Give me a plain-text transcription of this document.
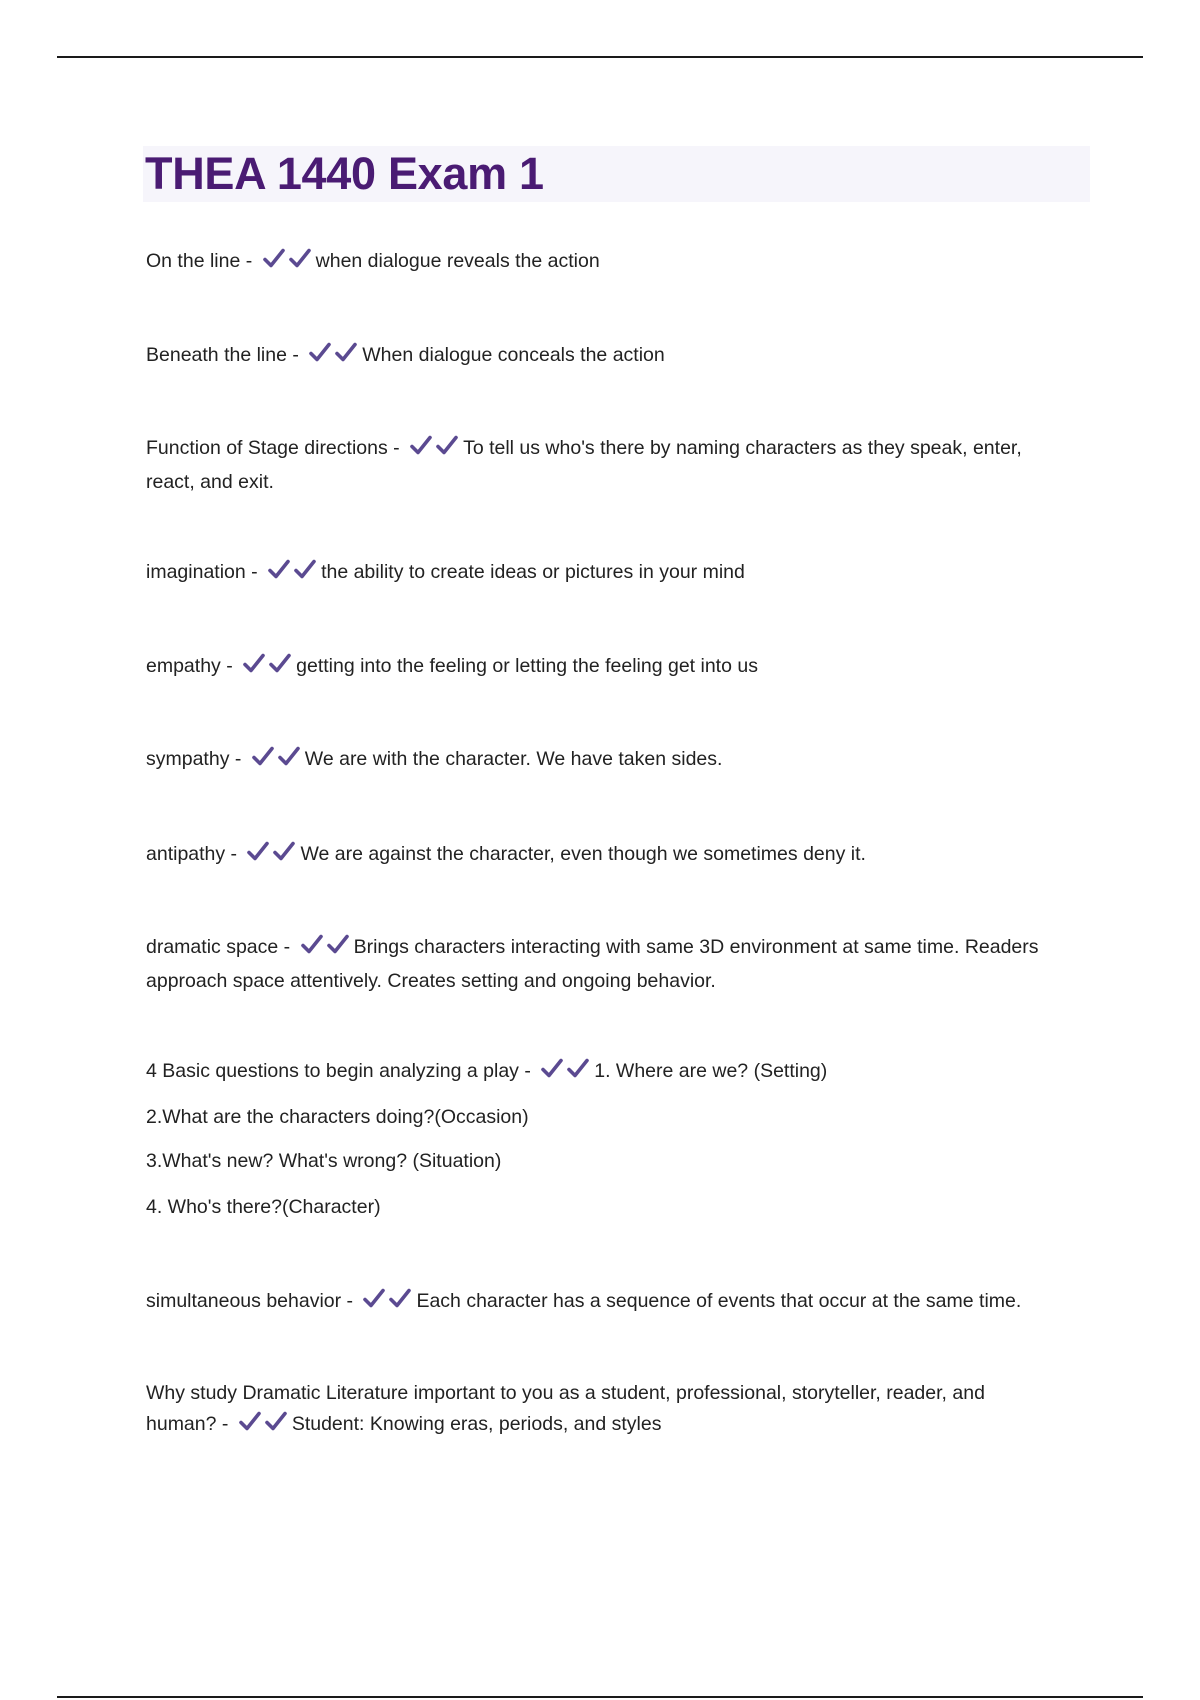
THEA 1440 Exam 1
On the line -	when dialogue reveals the action
Beneath the line -	When dialogue conceals the action
Function of Stage directions -	To tell us who's there by naming characters as they speak, enter,
react, and exit.
imagination -	the ability to create ideas or pictures in your mind
empathy -	getting into the feeling or letting the feeling get into us
sympathy -	We are with the character. We have taken sides.
antipathy -	We are against the character, even though we sometimes deny it.
dramatic space -	Brings characters interacting with same 3D environment at same time. Readers
approach space attentively. Creates setting and ongoing behavior.
4 Basic questions to begin analyzing a play -	1. Where are we? (Setting)
2.What are the characters doing?(Occasion)
3.What's new? What's wrong? (Situation)
4. Who's there?(Character)
simultaneous behavior -	Each character has a sequence of events that occur at the same time.
Why study Dramatic Literature important to you as a student, professional, storyteller, reader, and
human? -	Student: Knowing eras, periods, and styles
